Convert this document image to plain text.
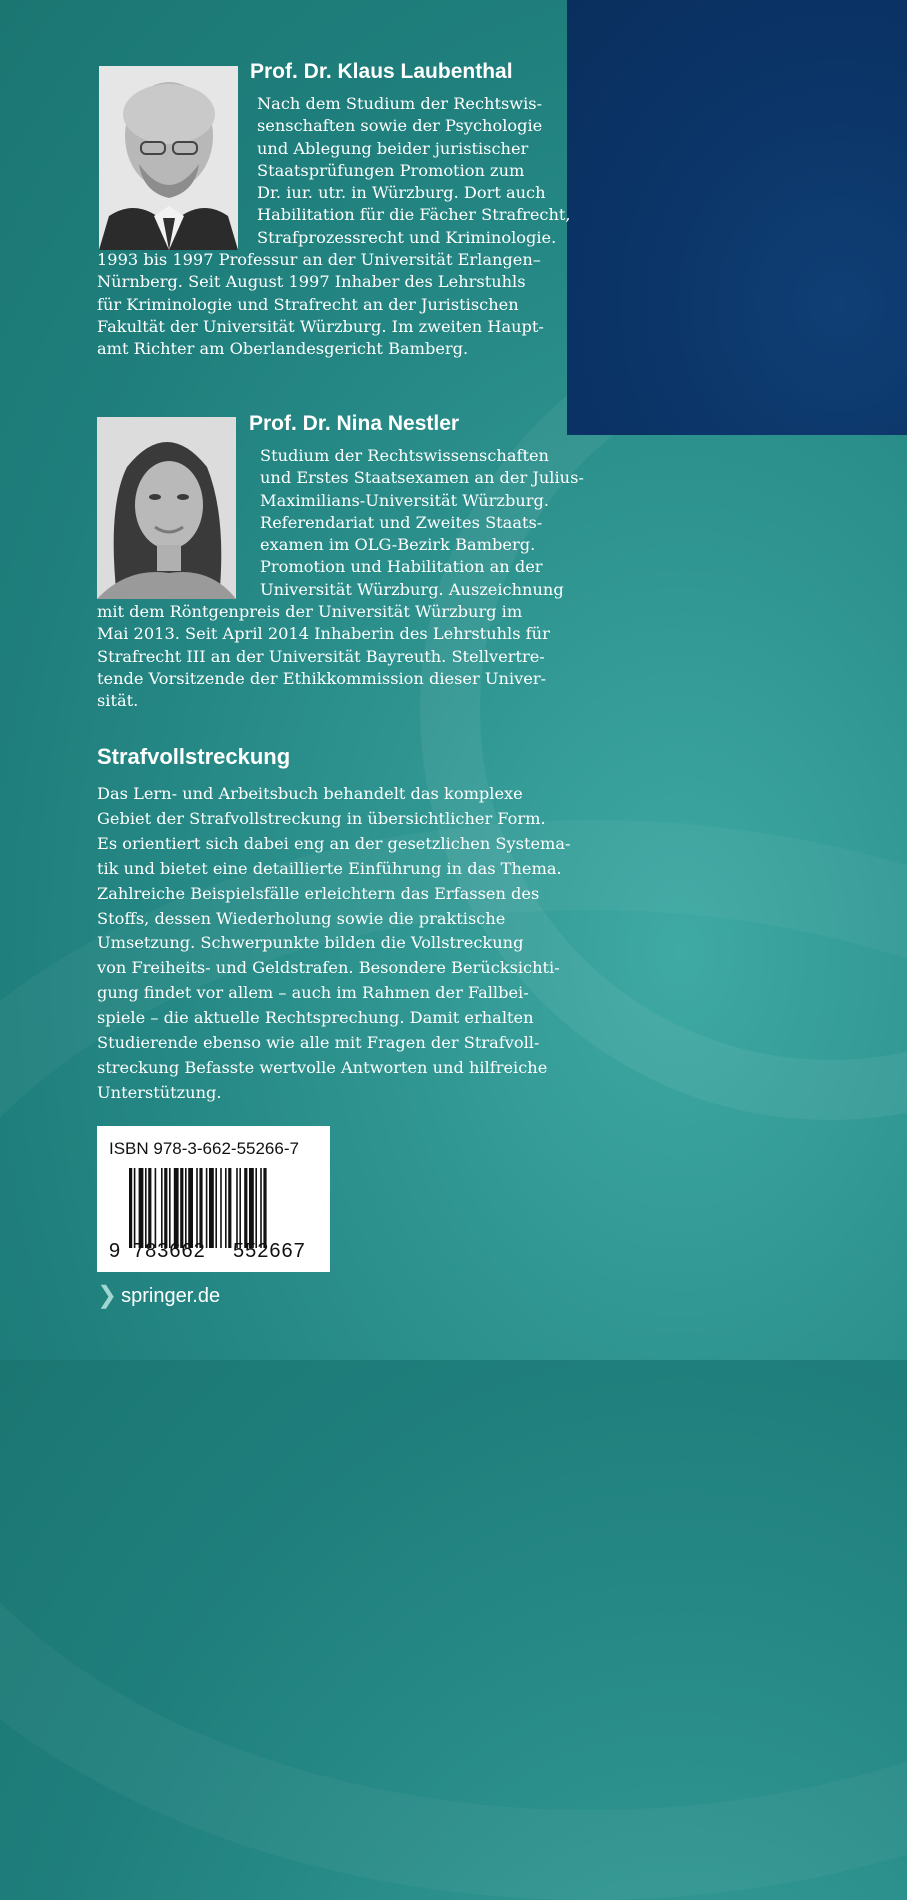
Prof. Dr. Klaus Laubenthal

Nach dem Studium der Rechtswis-
senschaften sowie der Psychologie
und Ablegung beider juristischer
Staatsprüfungen Promotion zum
Dr. iur. utr. in Würzburg. Dort auch
Habilitation für die Fächer Strafrecht,
Strafprozessrecht und Kriminologie.
1993 bis 1997 Professur an der Universität Erlangen–
Nürnberg. Seit August 1997 Inhaber des Lehrstuhls
für Kriminologie und Strafrecht an der Juristischen
Fakultät der Universität Würzburg. Im zweiten Haupt-
amt Richter am Oberlandesgericht Bamberg.

Prof. Dr. Nina Nestler

Studium der Rechtswissenschaften
und Erstes Staatsexamen an der Julius-
Maximilians-Universität Würzburg.
Referendariat und Zweites Staats-
examen im OLG-Bezirk Bamberg.
Promotion und Habilitation an der
Universität Würzburg. Auszeichnung
mit dem Röntgenpreis der Universität Würzburg im
Mai 2013. Seit April 2014 Inhaberin des Lehrstuhls für
Strafrecht III an der Universität Bayreuth. Stellvertre-
tende Vorsitzende der Ethikkommission dieser Univer-
sität.

Strafvollstreckung

Das Lern- und Arbeitsbuch behandelt das komplexe
Gebiet der Strafvollstreckung in übersichtlicher Form.
Es orientiert sich dabei eng an der gesetzlichen Systema-
tik und bietet eine detaillierte Einführung in das Thema.
Zahlreiche Beispielsfälle erleichtern das Erfassen des
Stoffs, dessen Wiederholung sowie die praktische
Umsetzung. Schwerpunkte bilden die Vollstreckung
von Freiheits- und Geldstrafen. Besondere Berücksichti-
gung findet vor allem – auch im Rahmen der Fallbei-
spiele – die aktuelle Rechtsprechung. Damit erhalten
Studierende ebenso wie alle mit Fragen der Strafvoll-
streckung Befasste wertvolle Antworten und hilfreiche
Unterstützung.

ISBN 978-3-662-55266-7

9 783662 552667
❯ springer.de
